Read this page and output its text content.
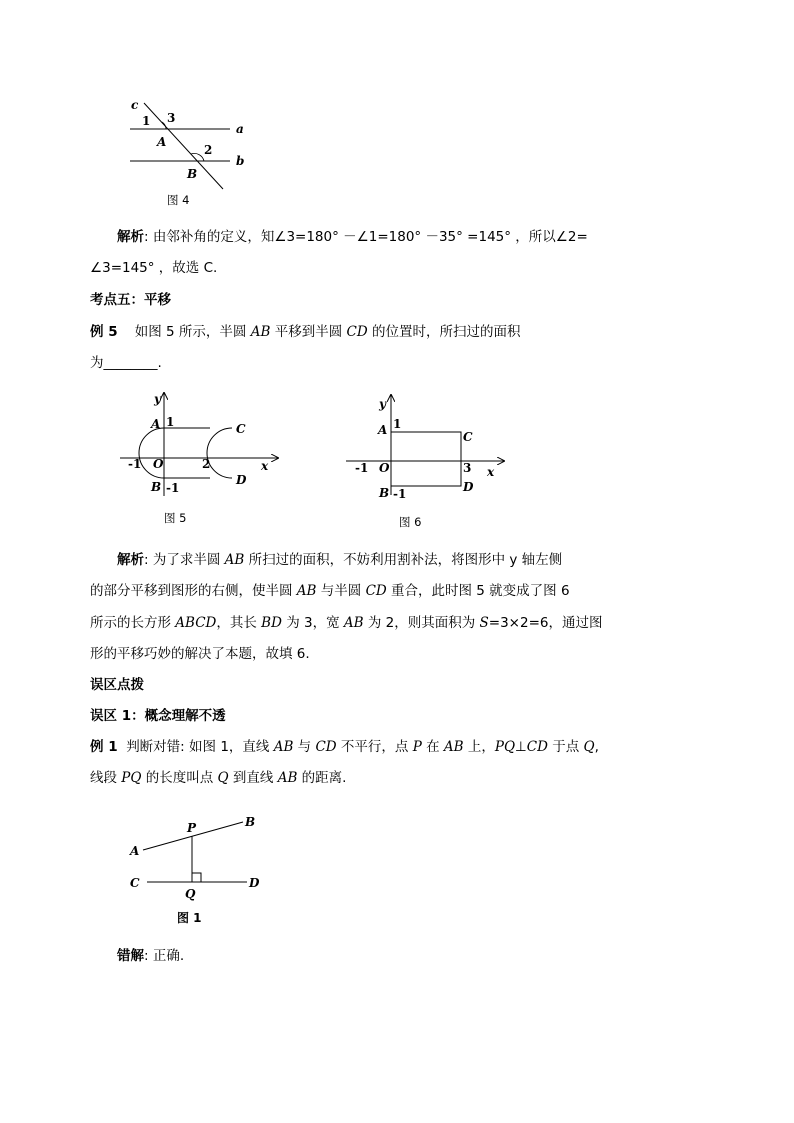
c
1 3
a
A
2
b
B
图 4
解析: 由邻补角的定义，知∠3=180° －∠1=180° －35° =145° ，所以∠2=
∠3=145° ，故选 C.
考点五：平移
例 5 如图 5 所示，半圆 AB 平移到半圆 CD 的位置时，所扫过的面积
为________.
y
A 1	C
-1 O	2	x
B -1
D
图 5
y
A 1
C
-1 O	3 x
B -1	D
图 6
解析: 为了求半圆 AB 所扫过的面积，不妨利用割补法，将图形中 y 轴左侧
的部分平移到图形的右侧，使半圆 AB 与半圆 CD 重合，此时图 5 就变成了图 6
所示的长方形 ABCD，其长 BD 为 3，宽 AB 为 2，则其面积为 S=3×2=6，通过图
形的平移巧妙的解决了本题，故填 6.
误区点拨
误区 1：概念理解不透
例 1 判断对错: 如图 1，直线 AB 与 CD 不平行，点 P 在 AB 上，PQ⊥CD 于点 Q,
线段 PQ 的长度叫点 Q 到直线 AB 的距离.
P	B
A
C
Q
D
图 1
错解: 正确.
